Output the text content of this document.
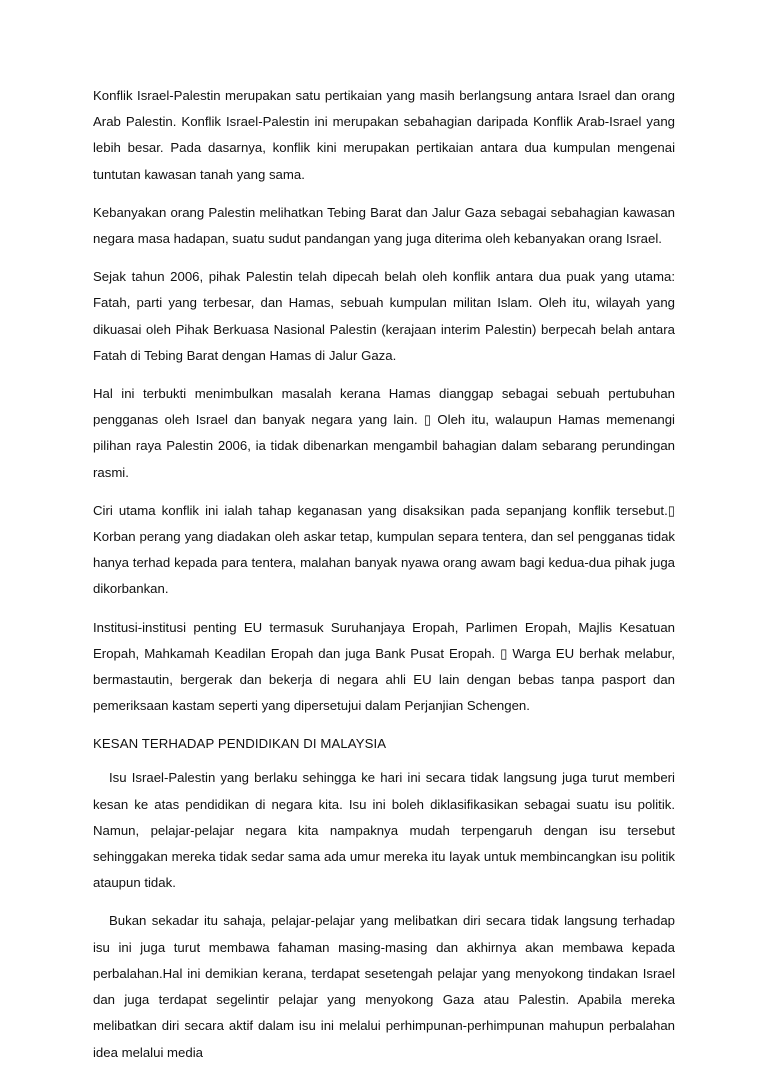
Konflik Israel-Palestin merupakan satu pertikaian yang masih berlangsung antara Israel dan orang Arab Palestin. Konflik Israel-Palestin ini merupakan sebahagian daripada Konflik Arab-Israel yang lebih besar. Pada dasarnya, konflik kini merupakan pertikaian antara dua kumpulan mengenai tuntutan kawasan tanah yang sama.

Kebanyakan orang Palestin melihatkan Tebing Barat dan Jalur Gaza sebagai sebahagian kawasan negara masa hadapan, suatu sudut pandangan yang juga diterima oleh kebanyakan orang Israel.

Sejak tahun 2006, pihak Palestin telah dipecah belah oleh konflik antara dua puak yang utama: Fatah, parti yang terbesar, dan Hamas, sebuah kumpulan militan Islam. Oleh itu, wilayah yang dikuasai oleh Pihak Berkuasa Nasional Palestin (kerajaan interim Palestin) berpecah belah antara Fatah di Tebing Barat dengan Hamas di Jalur Gaza.

Hal ini terbukti menimbulkan masalah kerana Hamas dianggap sebagai sebuah pertubuhan pengganas oleh Israel dan banyak negara yang lain. ▯ Oleh itu, walaupun Hamas memenangi pilihan raya Palestin 2006, ia tidak dibenarkan mengambil bahagian dalam sebarang perundingan rasmi.

Ciri utama konflik ini ialah tahap keganasan yang disaksikan pada sepanjang konflik tersebut.▯ Korban perang yang diadakan oleh askar tetap, kumpulan separa tentera, dan sel pengganas tidak hanya terhad kepada para tentera, malahan banyak nyawa orang awam bagi kedua-dua pihak juga dikorbankan.

Institusi-institusi penting EU termasuk Suruhanjaya Eropah, Parlimen Eropah, Majlis Kesatuan Eropah, Mahkamah Keadilan Eropah dan juga Bank Pusat Eropah. ▯ Warga EU berhak melabur, bermastautin, bergerak dan bekerja di negara ahli EU lain dengan bebas tanpa pasport dan pemeriksaan kastam seperti yang dipersetujui dalam Perjanjian Schengen.

KESAN TERHADAP PENDIDIKAN DI MALAYSIA

Isu Israel-Palestin yang berlaku sehingga ke hari ini secara tidak langsung juga turut memberi kesan ke atas pendidikan di negara kita. Isu ini boleh diklasifikasikan sebagai suatu isu politik. Namun, pelajar-pelajar negara kita nampaknya mudah terpengaruh dengan isu tersebut sehinggakan mereka tidak sedar sama ada umur mereka itu layak untuk membincangkan isu politik ataupun tidak.

Bukan sekadar itu sahaja, pelajar-pelajar yang melibatkan diri secara tidak langsung terhadap isu ini juga turut membawa fahaman masing-masing dan akhirnya akan membawa kepada perbalahan.Hal ini demikian kerana, terdapat sesetengah pelajar yang menyokong tindakan Israel dan juga terdapat segelintir pelajar yang menyokong Gaza atau Palestin. Apabila mereka melibatkan diri secara aktif dalam isu ini melalui perhimpunan-perhimpunan mahupun perbalahan idea melalui media
